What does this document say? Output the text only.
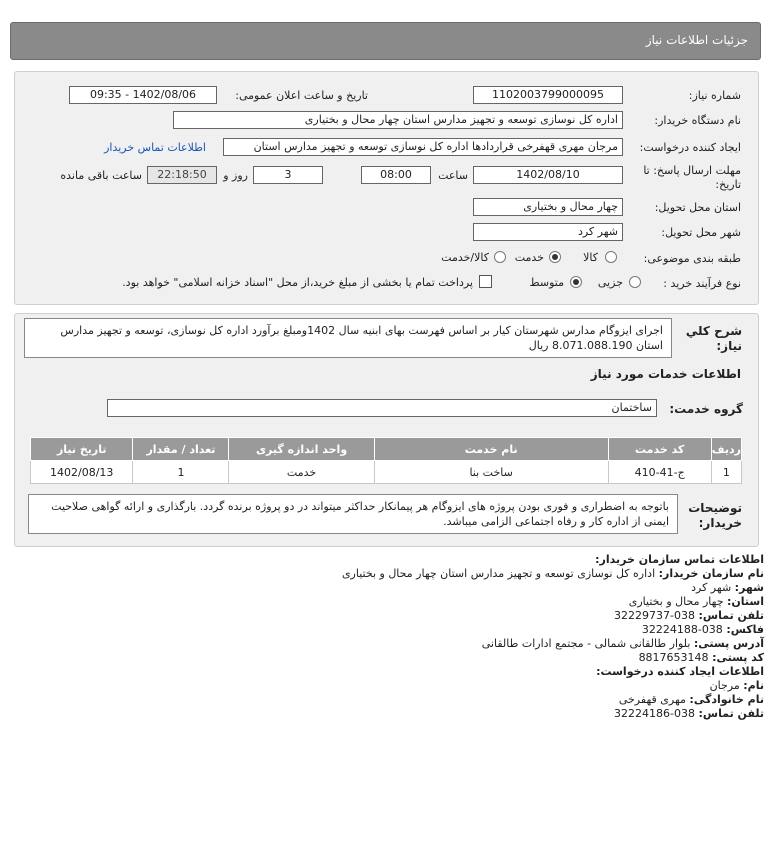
جزئیات اطلاعات نیاز
شماره نیاز:
1102003799000095
تاریخ و ساعت اعلان عمومی:
1402/08/06 - 09:35
نام دستگاه خریدار:
اداره کل نوسازی توسعه و تجهیز مدارس استان چهار محال و بختیاری
ایجاد کننده درخواست:
مرجان مهری قهفرخی قراردادها اداره کل نوسازی توسعه و تجهیز مدارس استان
اطلاعات تماس خریدار
مهلت ارسال پاسخ: تا
تاریخ:
1402/08/10
ساعت
08:00
3
روز و
22:18:50
ساعت باقی مانده
استان محل تحویل:
چهار محال و بختیاری
شهر محل تحویل:
شهر کرد
طبقه بندی موضوعی:
کالا
خدمت
کالا/خدمت
نوع فرآیند خرید :
جزیی
متوسط
پرداخت تمام یا بخشی از مبلغ خرید،از محل "اسناد خزانه اسلامی" خواهد بود.
شرح کلي
نياز:
اجرای ایزوگام مدارس شهرستان کیار بر اساس فهرست بهای ابنیه سال 1402ومبلغ برآورد اداره کل نوسازی، توسعه و تجهیز مدارس استان 8.071.088.190 ریال
اطلاعات خدمات مورد نیاز
گروه خدمت:
ساختمان
ردیف	کد خدمت	نام خدمت	واحد اندازه گیری	تعداد / مقدار	تاریخ نیاز
1	ج-41-410	ساخت بنا	خدمت	1	1402/08/13
توضیحات
خریدار:
باتوجه به اضطراری و فوری بودن پروژه های ایزوگام هر پیمانکار حداکثر میتواند در دو پروژه برنده گردد. بارگذاری و ارائه گواهی صلاحیت ایمنی از اداره کار و رفاه اجتماعی الزامی میباشد.
اطلاعات تماس سازمان خریدار:
نام سازمان خریدار: اداره کل نوسازی توسعه و تجهیز مدارس استان چهار محال و بختیاری
شهر: شهر کرد
استان: چهار محال و بختیاری
تلفن تماس: 038-32229737
فاکس: 038-32224188
آدرس پستی: بلوار طالقانی شمالی - مجتمع ادارات طالقانی
کد پستی: 8817653148
اطلاعات ایجاد کننده درخواست:
نام: مرجان
نام خانوادگی: مهری قهفرخی
تلفن تماس: 038-32224186
